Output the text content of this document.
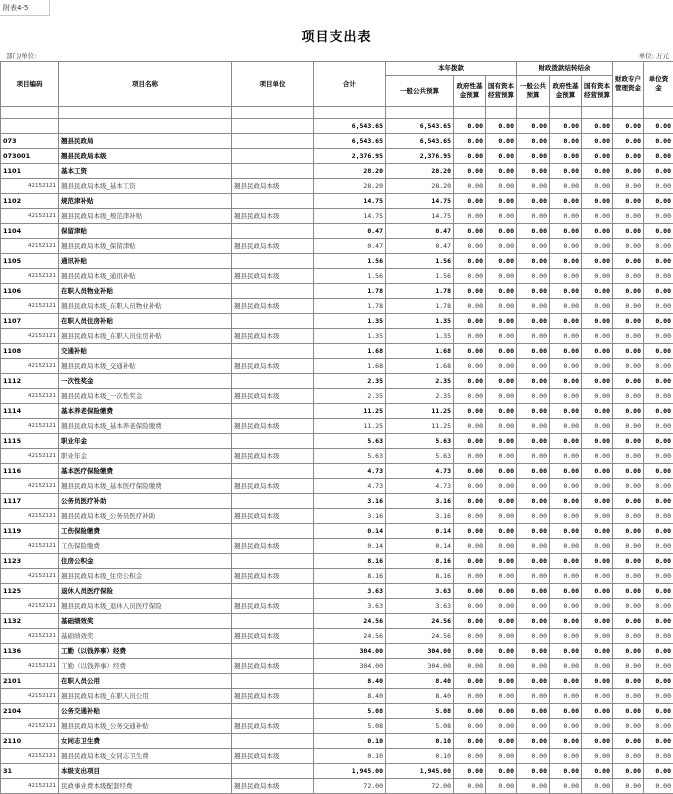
附表4-5
项目支出表
部门/单位:	单位: 万元
项目编码	项目名称	项目单位	合计	本年拨款			财政拨款结转结余			财政专户管理资金	单位资金	
				一般公共预算	政府性基金预算	国有资本经营预算	一般公共预算	政府性基金预算	国有资本经营预算			

			6,543.65	6,543.65	0.00	0.00	0.00	0.00	0.00	0.00	0.00	
073	翘县民政局		6,543.65	6,543.65	0.00	0.00	0.00	0.00	0.00	0.00	0.00	
073001	翘县民政局本级		2,376.95	2,376.95	0.00	0.00	0.00	0.00	0.00	0.00	0.00	
1101	基本工资		28.20	28.20	0.00	0.00	0.00	0.00	0.00	0.00	0.00	
42152121	翘县民政局本级_基本工资	翘县民政局本级	28.20	28.20	0.00	0.00	0.00	0.00	0.00	0.00	0.00	
1102	规范津补贴		14.75	14.75	0.00	0.00	0.00	0.00	0.00	0.00	0.00	
42152121	翘县民政局本级_规范津补贴	翘县民政局本级	14.75	14.75	0.00	0.00	0.00	0.00	0.00	0.00	0.00	
1104	保留津贴		0.47	0.47	0.00	0.00	0.00	0.00	0.00	0.00	0.00	
42152121	翘县民政局本级_保留津贴	翘县民政局本级	0.47	0.47	0.00	0.00	0.00	0.00	0.00	0.00	0.00	
1105	通讯补贴		1.56	1.56	0.00	0.00	0.00	0.00	0.00	0.00	0.00	
42152121	翘县民政局本级_通讯补贴	翘县民政局本级	1.56	1.56	0.00	0.00	0.00	0.00	0.00	0.00	0.00	
1106	在职人员物业补贴		1.78	1.78	0.00	0.00	0.00	0.00	0.00	0.00	0.00	
42152121	翘县民政局本级_在职人员物业补贴	翘县民政局本级	1.78	1.78	0.00	0.00	0.00	0.00	0.00	0.00	0.00	
1107	在职人员住房补贴		1.35	1.35	0.00	0.00	0.00	0.00	0.00	0.00	0.00	
42152121	翘县民政局本级_在职人员住房补贴	翘县民政局本级	1.35	1.35	0.00	0.00	0.00	0.00	0.00	0.00	0.00	
1108	交通补贴		1.68	1.68	0.00	0.00	0.00	0.00	0.00	0.00	0.00	
42152121	翘县民政局本级_交通补贴	翘县民政局本级	1.68	1.68	0.00	0.00	0.00	0.00	0.00	0.00	0.00	
1112	一次性奖金		2.35	2.35	0.00	0.00	0.00	0.00	0.00	0.00	0.00	
42152121	翘县民政局本级_一次性奖金	翘县民政局本级	2.35	2.35	0.00	0.00	0.00	0.00	0.00	0.00	0.00	
1114	基本养老保险缴费		11.25	11.25	0.00	0.00	0.00	0.00	0.00	0.00	0.00	
42152121	翘县民政局本级_基本养老保险缴费	翘县民政局本级	11.25	11.25	0.00	0.00	0.00	0.00	0.00	0.00	0.00	
1115	职业年金		5.63	5.63	0.00	0.00	0.00	0.00	0.00	0.00	0.00	
42152121	职业年金	翘县民政局本级	5.63	5.63	0.00	0.00	0.00	0.00	0.00	0.00	0.00	
1116	基本医疗保险缴费		4.73	4.73	0.00	0.00	0.00	0.00	0.00	0.00	0.00	
42152121	翘县民政局本级_基本医疗保险缴费	翘县民政局本级	4.73	4.73	0.00	0.00	0.00	0.00	0.00	0.00	0.00	
1117	公务员医疗补助		3.16	3.16	0.00	0.00	0.00	0.00	0.00	0.00	0.00	
42152121	翘县民政局本级_公务员医疗补助	翘县民政局本级	3.16	3.16	0.00	0.00	0.00	0.00	0.00	0.00	0.00	
1119	工伤保险缴费		0.14	0.14	0.00	0.00	0.00	0.00	0.00	0.00	0.00	
42152121	工伤保险缴费	翘县民政局本级	0.14	0.14	0.00	0.00	0.00	0.00	0.00	0.00	0.00	
1123	住房公积金		8.16	8.16	0.00	0.00	0.00	0.00	0.00	0.00	0.00	
42152121	翘县民政局本级_住房公积金	翘县民政局本级	8.16	8.16	0.00	0.00	0.00	0.00	0.00	0.00	0.00	
1125	退休人员医疗保险		3.63	3.63	0.00	0.00	0.00	0.00	0.00	0.00	0.00	
42152121	翘县民政局本级_退休人员医疗保险	翘县民政局本级	3.63	3.63	0.00	0.00	0.00	0.00	0.00	0.00	0.00	
1132	基础绩效奖		24.56	24.56	0.00	0.00	0.00	0.00	0.00	0.00	0.00	
42152121	基础绩效奖	翘县民政局本级	24.56	24.56	0.00	0.00	0.00	0.00	0.00	0.00	0.00	
1136	工勤（以钱养事）经费		304.00	304.00	0.00	0.00	0.00	0.00	0.00	0.00	0.00	
42152121	工勤（以钱养事）经费	翘县民政局本级	304.00	304.00	0.00	0.00	0.00	0.00	0.00	0.00	0.00	
2101	在职人员公用		8.40	8.40	0.00	0.00	0.00	0.00	0.00	0.00	0.00	
42152121	翘县民政局本级_在职人员公用	翘县民政局本级	8.40	8.40	0.00	0.00	0.00	0.00	0.00	0.00	0.00	
2104	公务交通补贴		5.08	5.08	0.00	0.00	0.00	0.00	0.00	0.00	0.00	
42152121	翘县民政局本级_公务交通补贴	翘县民政局本级	5.08	5.08	0.00	0.00	0.00	0.00	0.00	0.00	0.00	
2110	女同志卫生费		0.10	0.10	0.00	0.00	0.00	0.00	0.00	0.00	0.00	
42152121	翘县民政局本级_女同志卫生费	翘县民政局本级	0.10	0.10	0.00	0.00	0.00	0.00	0.00	0.00	0.00	
31	本级支出项目		1,945.00	1,945.00	0.00	0.00	0.00	0.00	0.00	0.00	0.00	
42152121	民政事业费本级配套经费	翘县民政局本级	72.00	72.00	0.00	0.00	0.00	0.00	0.00	0.00	0.00	
